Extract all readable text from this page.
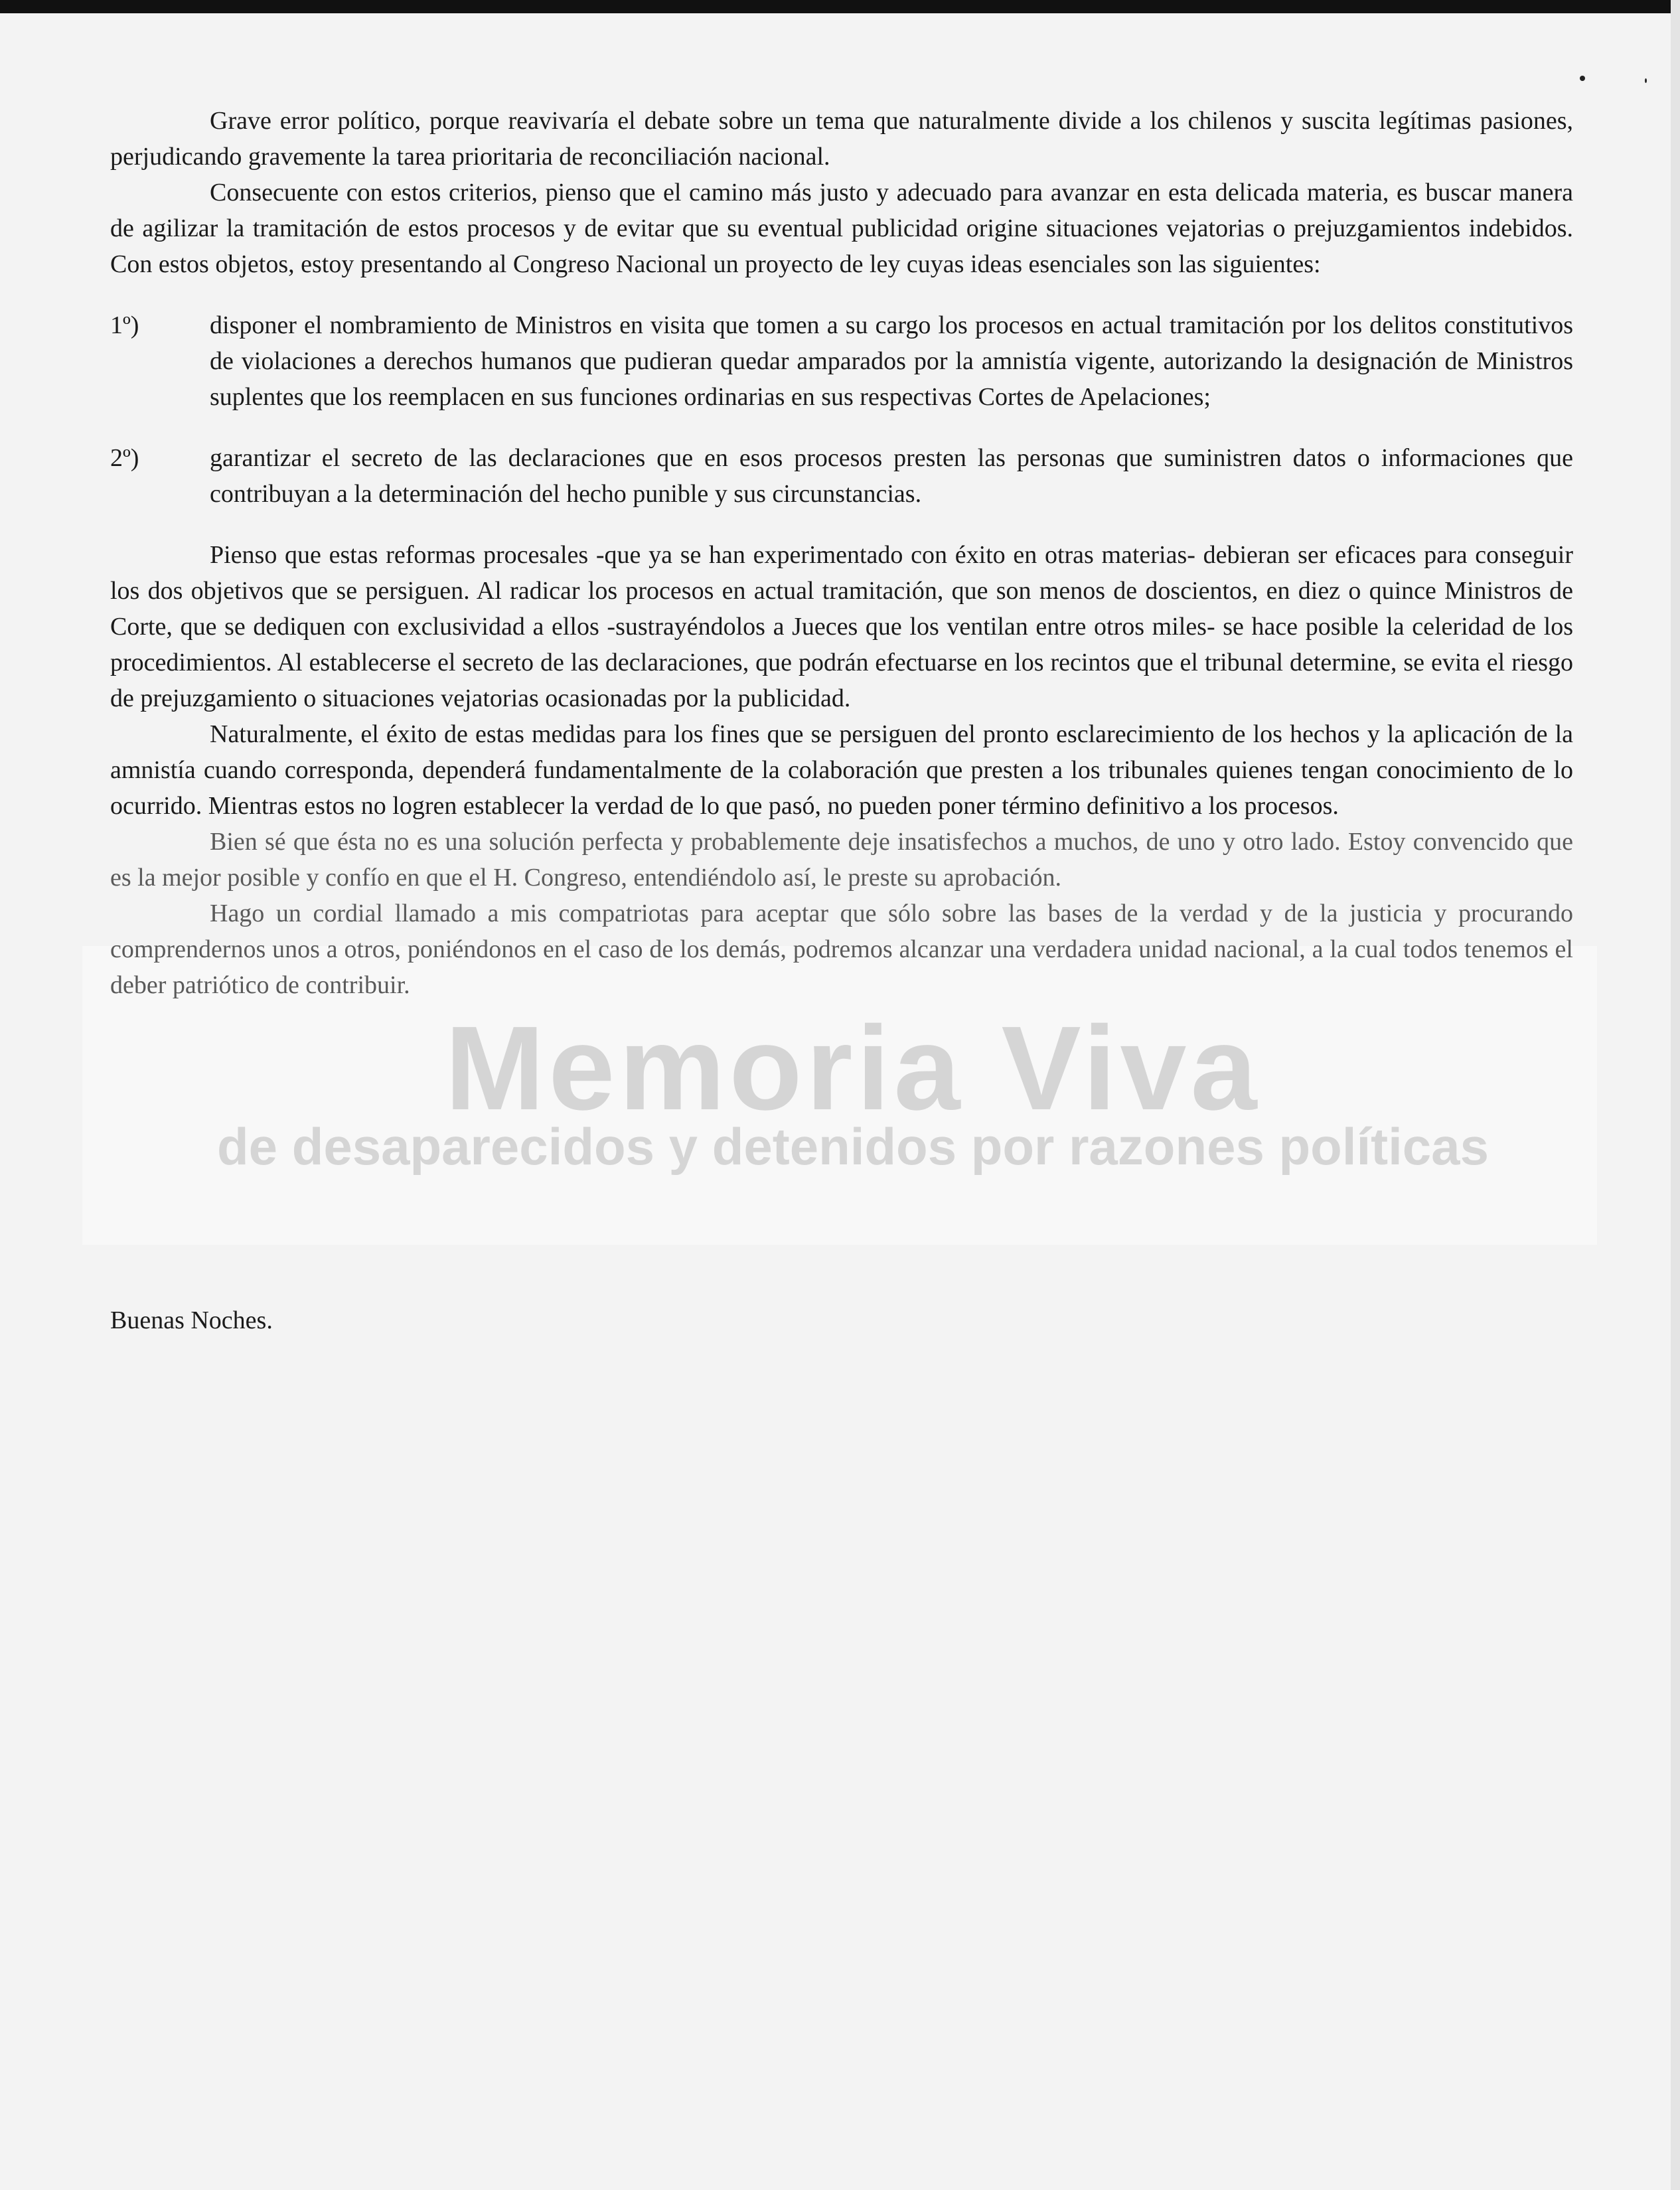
Memoria Viva
de desaparecidos y detenidos por razones políticas

Grave error político, porque reavivaría el debate sobre un tema que naturalmente divide a los chilenos y suscita legítimas pasiones, perjudicando gravemente la tarea prioritaria de reconciliación nacional.

Consecuente con estos criterios, pienso que el camino más justo y adecuado para avanzar en esta delicada materia, es buscar manera de agilizar la tramitación de estos procesos y de evitar que su eventual publicidad origine situaciones vejatorias o prejuzgamientos indebidos. Con estos objetos, estoy presentando al Congreso Nacional un proyecto de ley cuyas ideas esenciales son las siguientes:

1º)	disponer el nombramiento de Ministros en visita que tomen a su cargo los procesos en actual tramitación por los delitos constitutivos de violaciones a derechos humanos que pudieran quedar amparados por la amnistía vigente, autorizando la designación de Ministros suplentes que los reemplacen en sus funciones ordinarias en sus respectivas Cortes de Apelaciones;
2º)	garantizar el secreto de las declaraciones que en esos procesos presten las personas que suministren datos o informaciones que contribuyan a la determinación del hecho punible y sus circunstancias.

Pienso que estas reformas procesales -que ya se han experimentado con éxito en otras materias- debieran ser eficaces para conseguir los dos objetivos que se persiguen. Al radicar los procesos en actual tramitación, que son menos de doscientos, en diez o quince Ministros de Corte, que se dediquen con exclusividad a ellos -sustrayéndolos a Jueces que los ventilan entre otros miles- se hace posible la celeridad de los procedimientos. Al establecerse el secreto de las declaraciones, que podrán efectuarse en los recintos que el tribunal determine, se evita el riesgo de prejuzgamiento o situaciones vejatorias ocasionadas por la publicidad.

Naturalmente, el éxito de estas medidas para los fines que se persiguen del pronto esclarecimiento de los hechos y la aplicación de la amnistía cuando corresponda, dependerá fundamentalmente de la colaboración que presten a los tribunales quienes tengan conocimiento de lo ocurrido. Mientras estos no logren establecer la verdad de lo que pasó, no pueden poner término definitivo a los procesos.

Bien sé que ésta no es una solución perfecta y probablemente deje insatisfechos a muchos, de uno y otro lado. Estoy convencido que es la mejor posible y confío en que el H. Congreso, entendiéndolo así, le preste su aprobación.

Hago un cordial llamado a mis compatriotas para aceptar que sólo sobre las bases de la verdad y de la justicia y procurando comprendernos unos a otros, poniéndonos en el caso de los demás, podremos alcanzar una verdadera unidad nacional, a la cual todos tenemos el deber patriótico de contribuir.

Buenas Noches.
